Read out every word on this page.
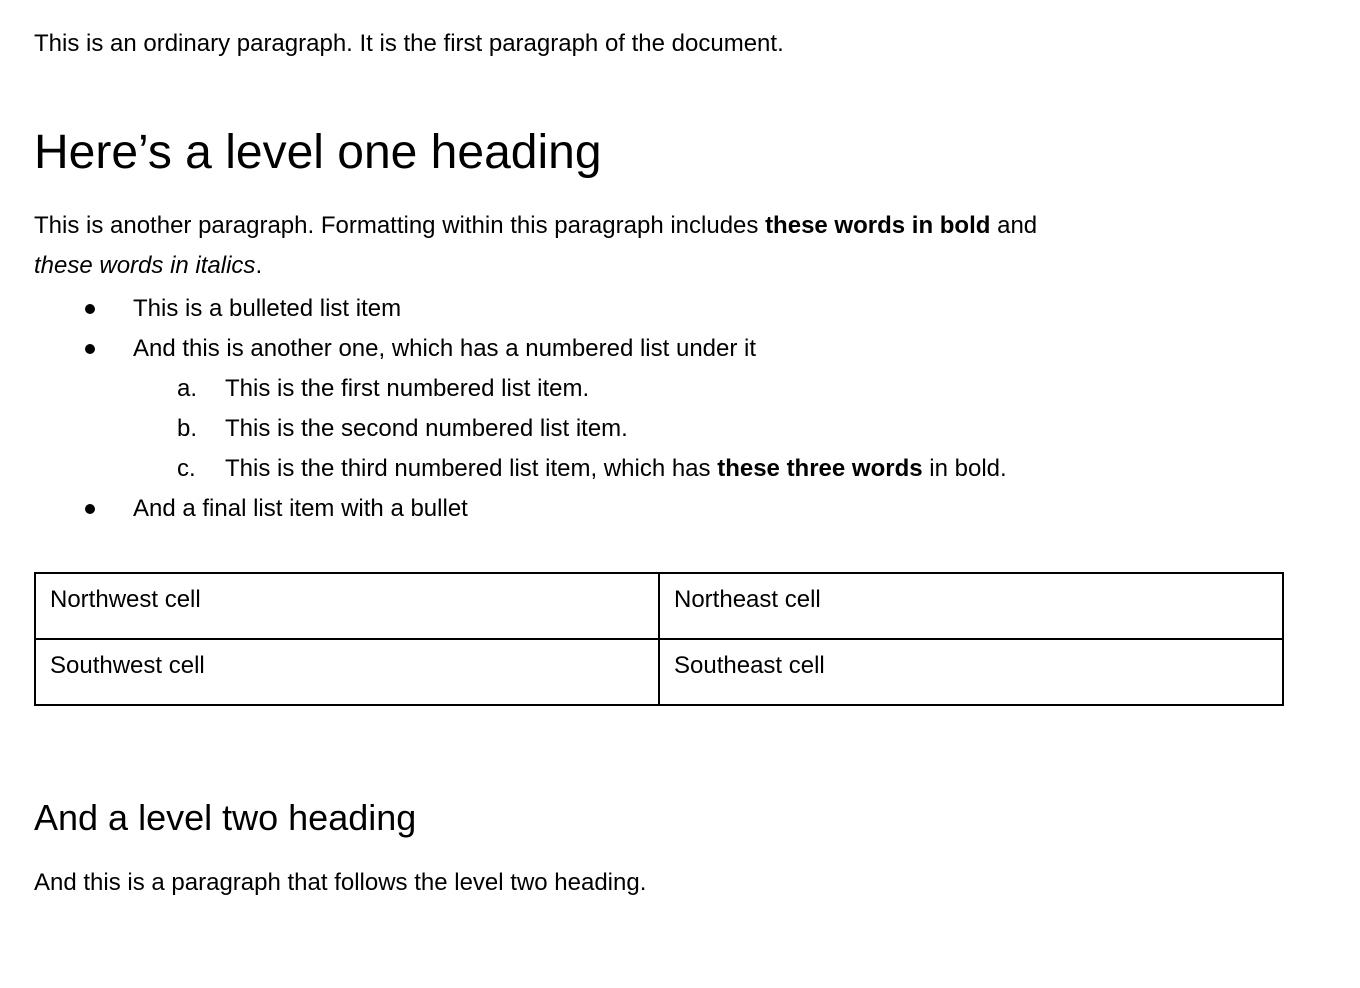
This is an ordinary paragraph. It is the first paragraph of the document.

Here’s a level one heading

This is another paragraph. Formatting within this paragraph includes these words in bold and
these words in italics.

This is a bulleted list item
And this is another one, which has a numbered list under it
a. This is the first numbered list item.
b. This is the second numbered list item.
c. This is the third numbered list item, which has these three words in bold.
And a final list item with a bullet
Northwest cell	Northeast cell
Southwest cell	Southeast cell
And a level two heading

And this is a paragraph that follows the level two heading.
